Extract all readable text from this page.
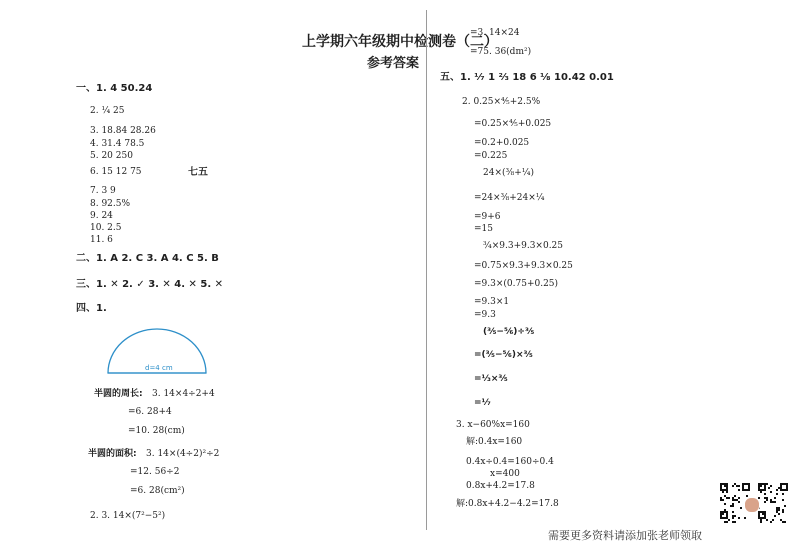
上学期六年级期中检测卷（二）
参考答案
一、1. 4 50.24
2. ¼ 25
3. 18.84 28.26
4. 31.4 78.5
5. 20 250
6. 15 12 75	七五
7. 3 9
8. 92.5%
9. 24
10. 2.5
11. 6
二、1. A 2. C 3. A 4. C 5. B
三、1. ✕ 2. ✓ 3. ✕ 4. ✕ 5. ✕
四、1.
d=4 cm
半圆的周长: 3. 14×4÷2+4
=6. 28+4
=10. 28(cm)
半圆的面积: 3. 14×(4÷2)²÷2
=12. 56÷2
=6. 28(cm²)
2. 3. 14×(7²−5²)
=3. 14×24
=75. 36(dm²)
五、1. ⅐ 1 ⅔ 18 6 ⅛ 10.42 0.01
2. 0.25×⅘+2.5%
=0.25×⅘+0.025
=0.2+0.025
=0.225
24×(⅜+¼)
=24×⅜+24×¼
=9+6
=15
¾×9.3+9.3×0.25
=0.75×9.3+9.3×0.25
=9.3×(0.75+0.25)
=9.3×1
=9.3
(⅗−⅚)÷⅗
=(⅗−⅚)×⅗
=⅓×⅗
=⅐
3. x−60%x=160
解:0.4x=160
0.4x÷0.4=160÷0.4
x=400
0.8x+4.2=17.8
解:0.8x+4.2−4.2=17.8
需要更多资料请添加张老师领取
